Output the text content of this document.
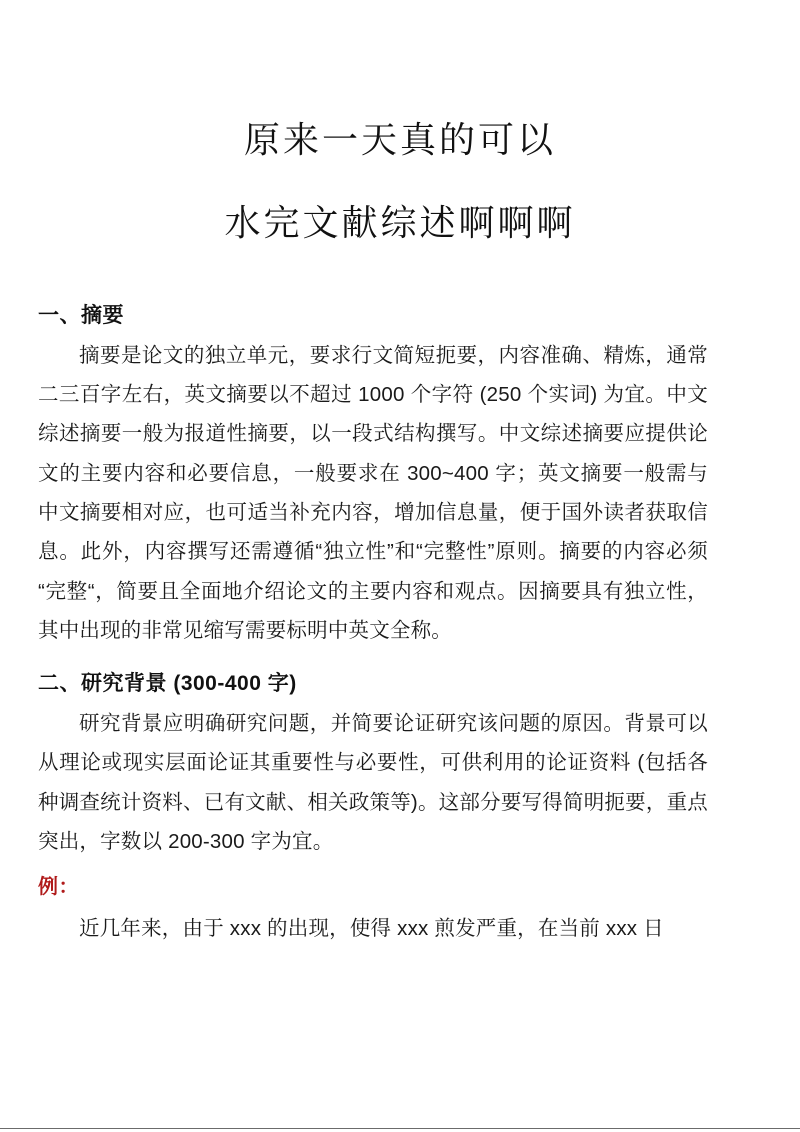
原来一天真的可以
水完文献综述啊啊啊
一、摘要

摘要是论文的独立单元，要求行文简短扼要，内容准确、精炼，通常二三百字左右，英文摘要以不超过 1000 个字符 (250 个实词) 为宜。中文综述摘要一般为报道性摘要，以一段式结构撰写。中文综述摘要应提供论文的主要内容和必要信息，一般要求在 300~400 字；英文摘要一般需与中文摘要相对应，也可适当补充内容，增加信息量，便于国外读者获取信息。此外，内容撰写还需遵循“独立性”和“完整性”原则。摘要的内容必须“完整“，简要且全面地介绍论文的主要内容和观点。因摘要具有独立性，其中出现的非常见缩写需要标明中英文全称。

二、研究背景 (300-400 字)

研究背景应明确研究问题，并简要论证研究该问题的原因。背景可以从理论或现实层面论证其重要性与必要性，可供利用的论证资料 (包括各种调查统计资料、已有文献、相关政策等)。这部分要写得简明扼要，重点突出，字数以 200-300 字为宜。

例：

近几年来，由于 xxx 的出现，使得 xxx 煎发严重，在当前 xxx 日
